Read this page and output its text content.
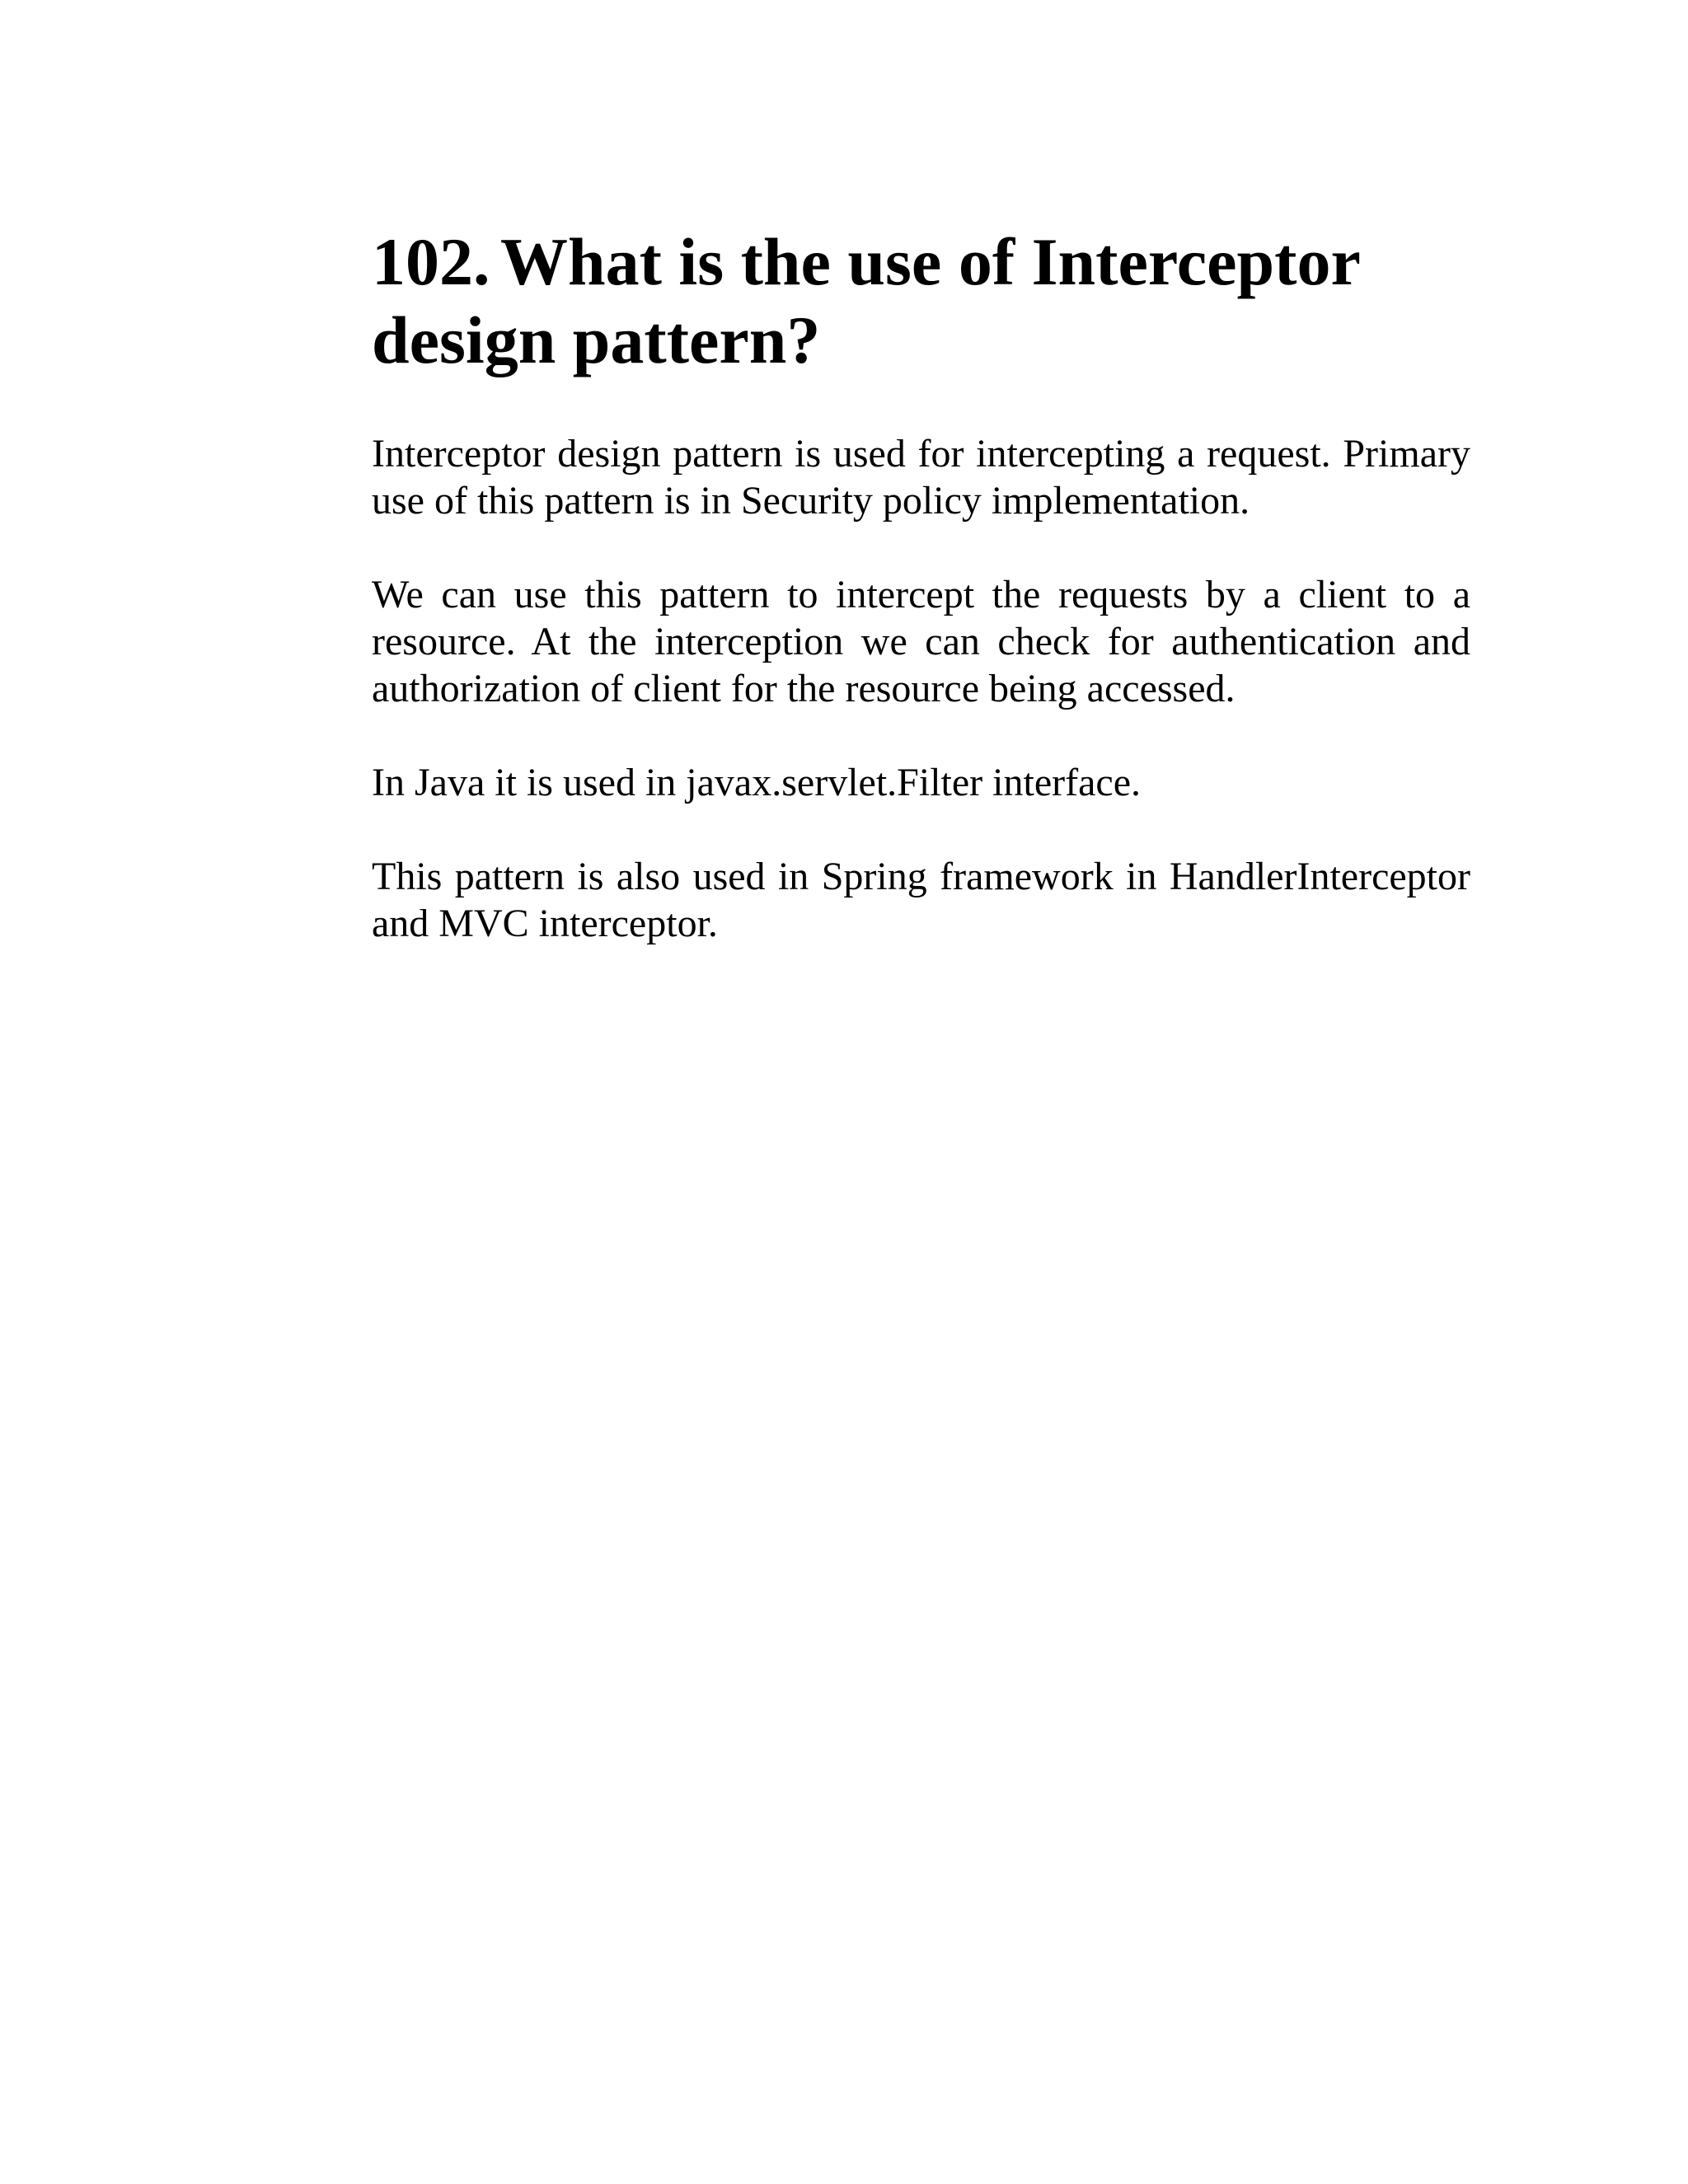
102. What is the use of Interceptor design pattern?

Interceptor design pattern is used for intercepting a request. Primary use of this pattern is in Security policy implementation.

We can use this pattern to intercept the requests by a client to a resource. At the interception we can check for authentication and authorization of client for the resource being accessed.

In Java it is used in javax.servlet.Filter interface.

This pattern is also used in Spring framework in HandlerInterceptor and MVC interceptor.
